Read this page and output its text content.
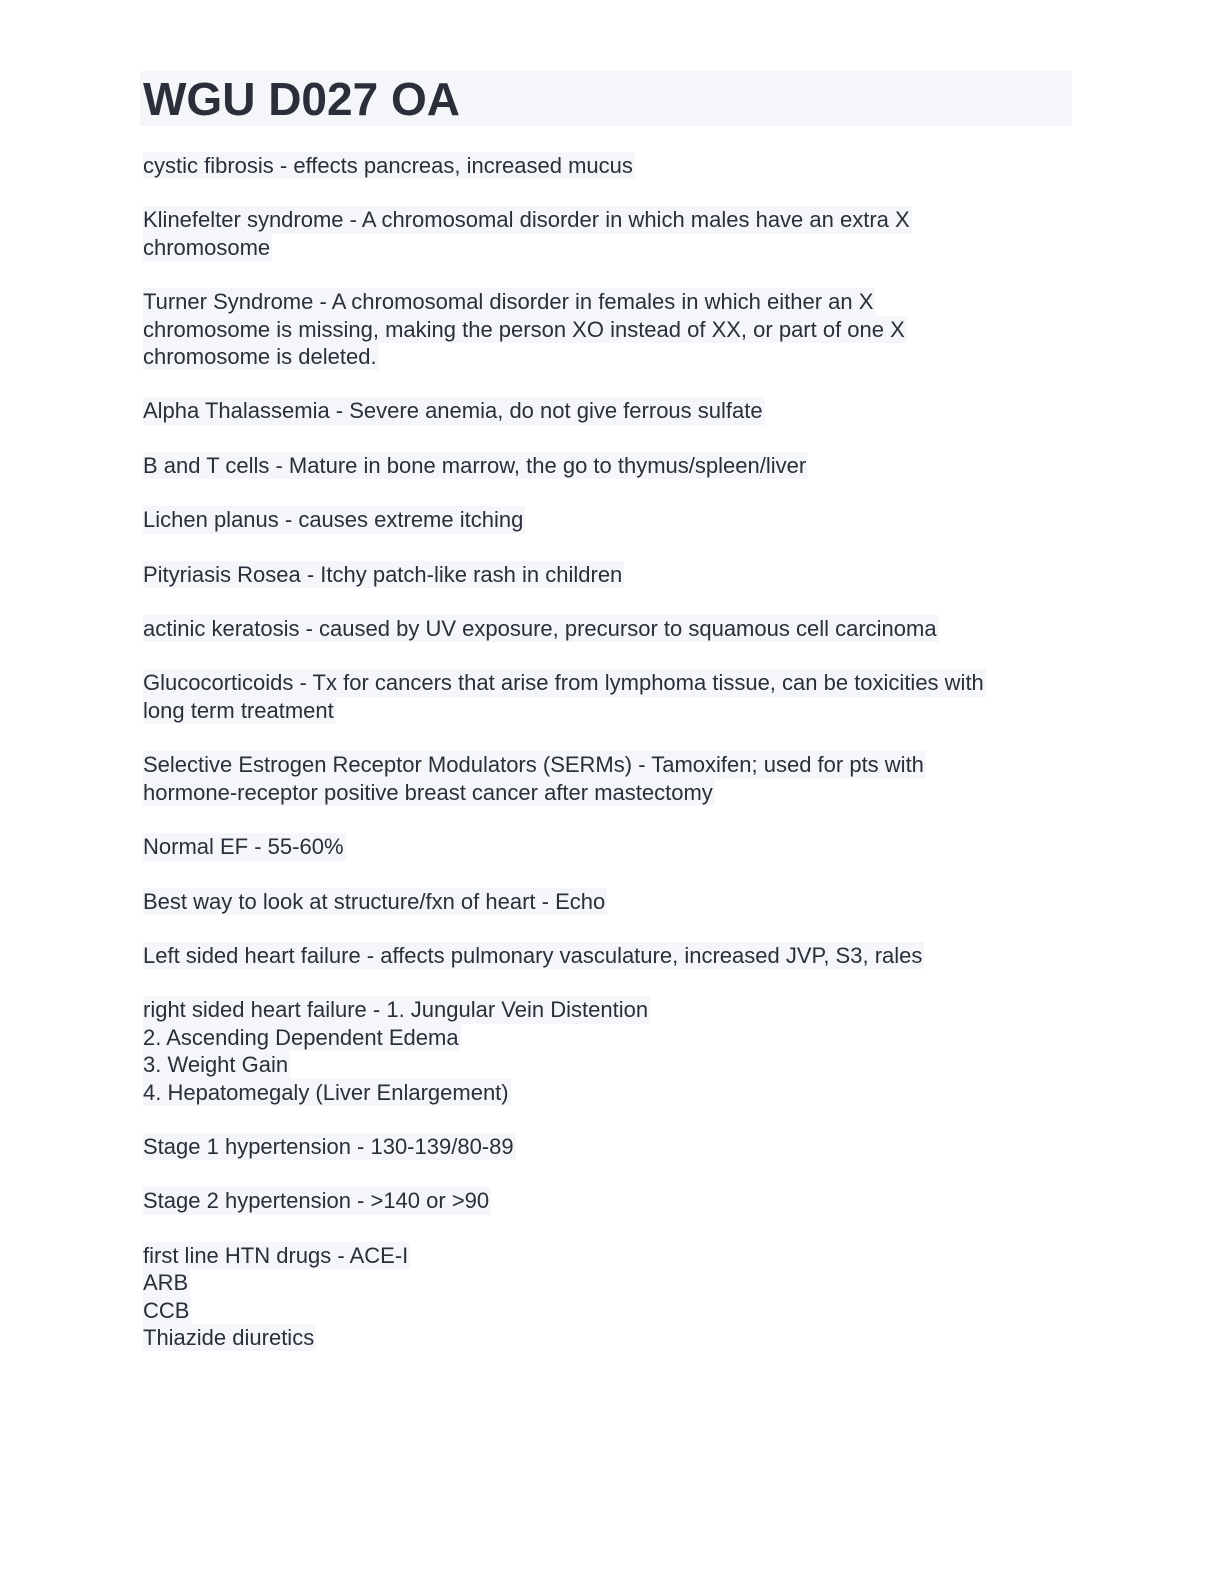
WGU D027 OA
cystic fibrosis - effects pancreas, increased mucus
Klinefelter syndrome - A chromosomal disorder in which males have an extra X
chromosome
Turner Syndrome - A chromosomal disorder in females in which either an X
chromosome is missing, making the person XO instead of XX, or part of one X
chromosome is deleted.
Alpha Thalassemia - Severe anemia, do not give ferrous sulfate
B and T cells - Mature in bone marrow, the go to thymus/spleen/liver
Lichen planus - causes extreme itching
Pityriasis Rosea - Itchy patch-like rash in children
actinic keratosis - caused by UV exposure, precursor to squamous cell carcinoma
Glucocorticoids - Tx for cancers that arise from lymphoma tissue, can be toxicities with
long term treatment
Selective Estrogen Receptor Modulators (SERMs) - Tamoxifen; used for pts with
hormone-receptor positive breast cancer after mastectomy
Normal EF - 55-60%
Best way to look at structure/fxn of heart - Echo
Left sided heart failure - affects pulmonary vasculature, increased JVP, S3, rales
right sided heart failure - 1. Jungular Vein Distention
2. Ascending Dependent Edema
3. Weight Gain
4. Hepatomegaly (Liver Enlargement)
Stage 1 hypertension - 130-139/80-89
Stage 2 hypertension - >140 or >90
first line HTN drugs - ACE-I
ARB
CCB
Thiazide diuretics
